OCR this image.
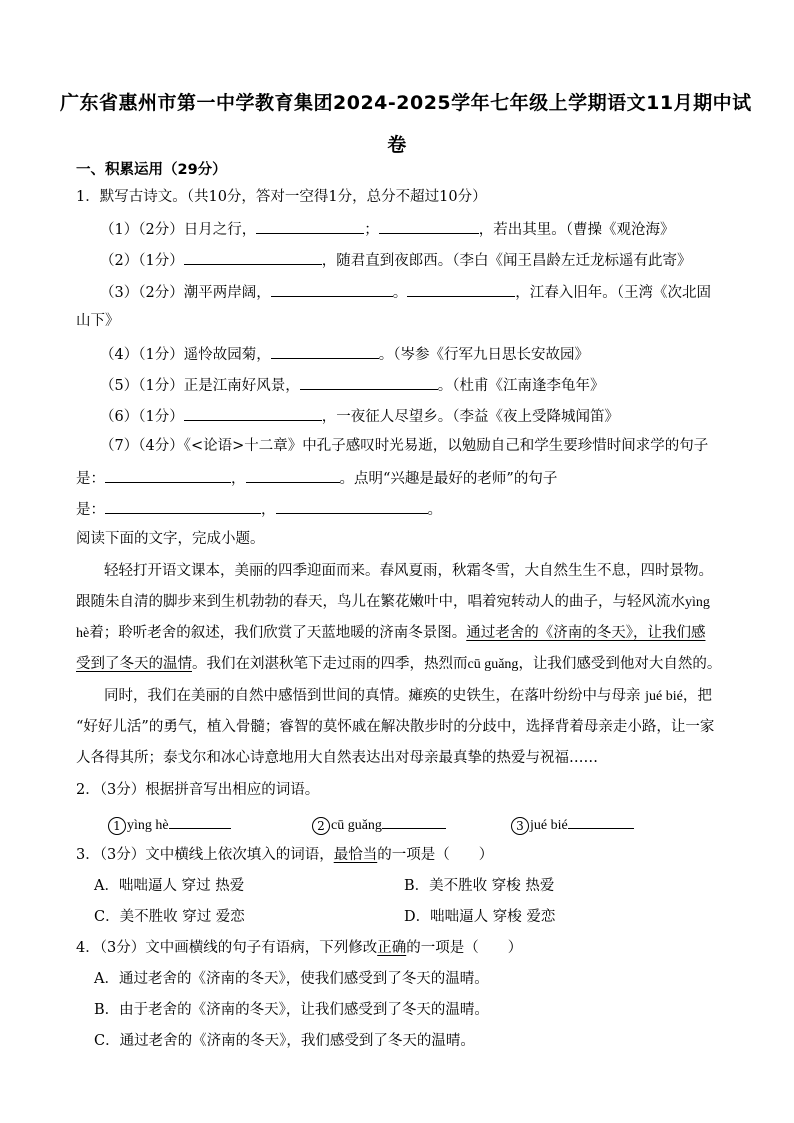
广东省惠州市第一中学教育集团2024-2025学年七年级上学期语文11月期中试
卷
一、积累运用（29分）
1．默写古诗文。（共10分，答对一空得1分，总分不超过10分）
（1）（2分）日月之行，	；	，若出其里。（曹操《观沧海》
（2）（1分）	，随君直到夜郎西。（李白《闻王昌龄左迁龙标遥有此寄》
（3）（2分）潮平两岸阔，	。	，江春入旧年。（王湾《次北固
山下》
（4）（1分）遥怜故园菊，	。（岑参《行军九日思长安故园》
（5）（1分）正是江南好风景，	。（杜甫《江南逢李龟年》
（6）（1分）	，一夜征人尽望乡。（李益《夜上受降城闻笛》
（7）（4分）《<论语>十二章》中孔子感叹时光易逝，以勉励自己和学生要珍惜时间求学的句子
是：	，	。点明“兴趣是最好的老师”的句子
是：	，	。
阅读下面的文字，完成小题。
轻轻打开语文课本，美丽的四季迎面而来。春风夏雨，秋霜冬雪，大自然生生不息，四时景物。
跟随朱自清的脚步来到生机勃勃的春天，鸟儿在繁花嫩叶中，唱着宛转动人的曲子，与轻风流水yìng
hè着；聆听老舍的叙述，我们欣赏了天蓝地暖的济南冬景图。通过老舍的《济南的冬天》，让我们感
受到了冬天的温情。我们在刘湛秋笔下走过雨的四季，热烈而cū guǎng，让我们感受到他对大自然的。
同时，我们在美丽的自然中感悟到世间的真情。瘫痪的史铁生，在落叶纷纷中与母亲 jué bié，把
“好好儿活”的勇气，植入骨髓；睿智的莫怀戚在解决散步时的分歧中，选择背着母亲走小路，让一家
人各得其所；泰戈尔和冰心诗意地用大自然表达出对母亲最真挚的热爱与祝福……
2．（3分）根据拼音写出相应的词语。
1 yìng hè	2 cū guǎng	3 jué bié
3．（3分）文中横线上依次填入的词语，最恰当的一项是（　　）
A．咄咄逼人 穿过 热爱	B．美不胜收 穿梭 热爱
C．美不胜收 穿过 爱恋	D．咄咄逼人 穿梭 爱恋
4．（3分）文中画横线的句子有语病，下列修改正确的一项是（　　）
A．通过老舍的《济南的冬天》，使我们感受到了冬天的温晴。
B．由于老舍的《济南的冬天》，让我们感受到了冬天的温晴。
C．通过老舍的《济南的冬天》，我们感受到了冬天的温晴。
